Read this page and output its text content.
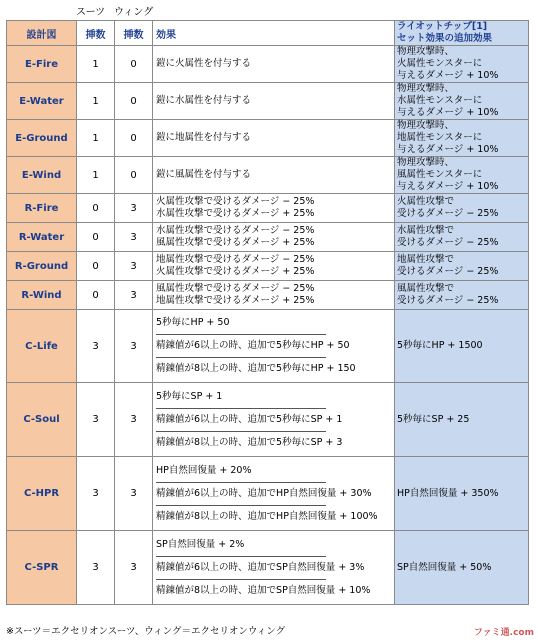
スーツ ウィング
設計図	挿数	挿数	効果	ライオットチップ[1]
セット効果の追加効果

E-Fire	1	0	鎧に火属性を付与する	物理攻撃時、
火属性モンスターに
与えるダメージ + 10%

E-Water	1	0	鎧に水属性を付与する	物理攻撃時、
水属性モンスターに
与えるダメージ + 10%

E-Ground	1	0	鎧に地属性を付与する	物理攻撃時、
地属性モンスターに
与えるダメージ + 10%

E-Wind	1	0	鎧に風属性を付与する	物理攻撃時、
風属性モンスターに
与えるダメージ + 10%

R-Fire	0	3	火属性攻撃で受けるダメージ − 25%
水属性攻撃で受けるダメージ + 25%	火属性攻撃で
受けるダメージ − 25%

R-Water	0	3	水属性攻撃で受けるダメージ − 25%
風属性攻撃で受けるダメージ + 25%	水属性攻撃で
受けるダメージ − 25%

R-Ground	0	3	地属性攻撃で受けるダメージ − 25%
火属性攻撃で受けるダメージ + 25%	地属性攻撃で
受けるダメージ − 25%

R-Wind	0	3	風属性攻撃で受けるダメージ − 25%
地属性攻撃で受けるダメージ + 25%	風属性攻撃で
受けるダメージ − 25%

C-Life	3	3	5秒毎にHP + 50
精錬値が6以上の時、追加で5秒毎にHP + 50
精錬値が8以上の時、追加で5秒毎にHP + 150	5秒毎にHP + 1500

C-Soul	3	3	5秒毎にSP + 1
精錬値が6以上の時、追加で5秒毎にSP + 1
精錬値が8以上の時、追加で5秒毎にSP + 3	5秒毎にSP + 25

C-HPR	3	3	HP自然回復量 + 20%
精錬値が6以上の時、追加でHP自然回復量 + 30%
精錬値が8以上の時、追加でHP自然回復量 + 100%	HP自然回復量 + 350%

C-SPR	3	3	SP自然回復量 + 2%
精錬値が6以上の時、追加でSP自然回復量 + 3%
精錬値が8以上の時、追加でSP自然回復量 + 10%	SP自然回復量 + 50%
※スーツ＝エクセリオンスーツ、ウィング＝エクセリオンウィング	ファミ通.com
